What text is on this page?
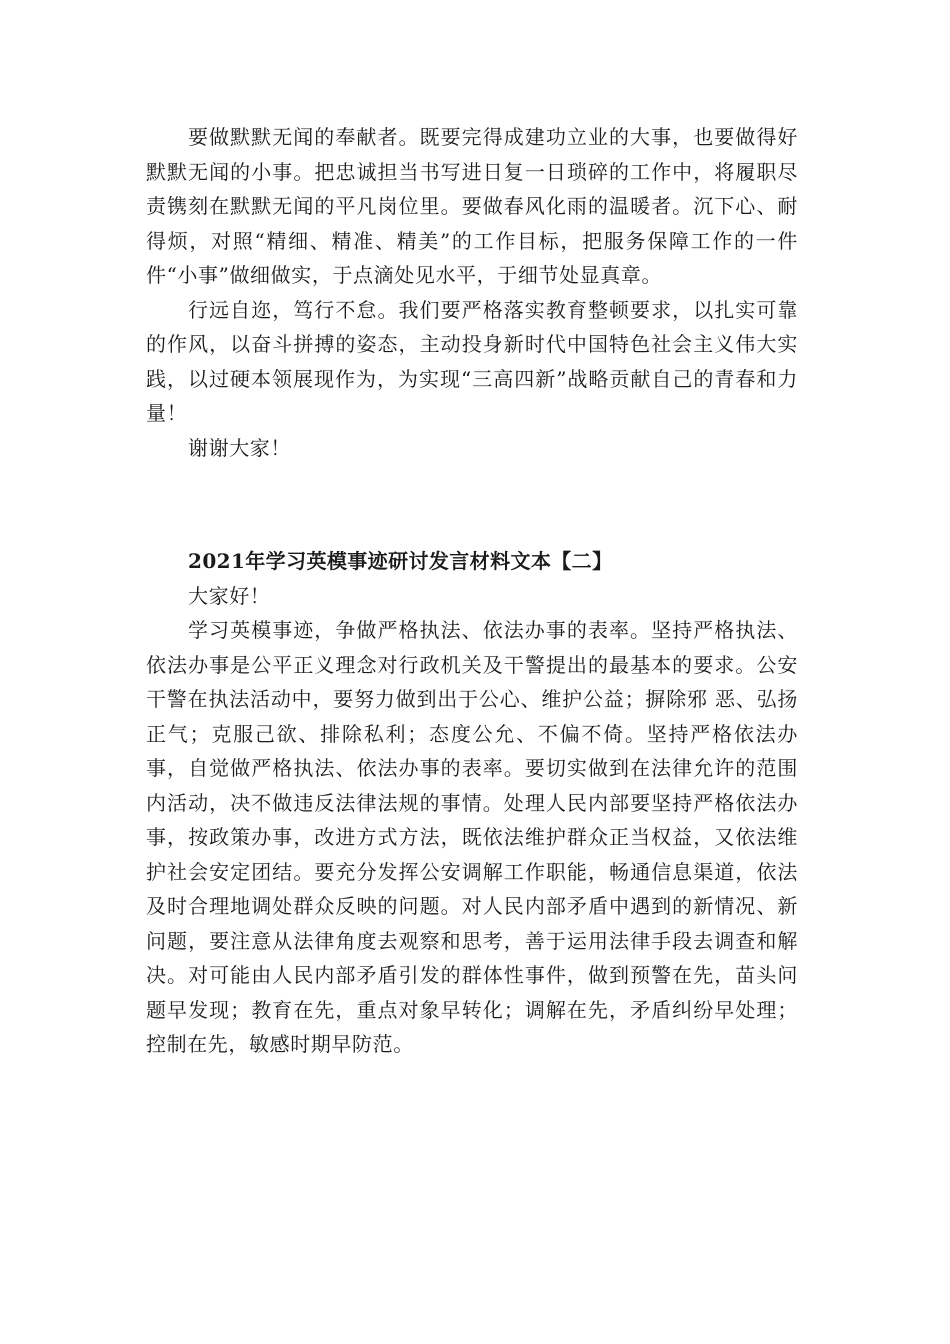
要做默默无闻的奉献者。既要完得成建功立业的大事，也要做得好默默无闻的小事。把忠诚担当书写进日复一日琐碎的工作中，将履职尽责镌刻在默默无闻的平凡岗位里。要做春风化雨的温暖者。沉下心、耐得烦，对照“精细、精准、精美”的工作目标，把服务保障工作的一件件“小事”做细做实，于点滴处见水平，于细节处显真章。

行远自迩，笃行不怠。我们要严格落实教育整顿要求，以扎实可靠的作风，以奋斗拼搏的姿态，主动投身新时代中国特色社会主义伟大实践，以过硬本领展现作为，为实现“三高四新”战略贡献自己的青春和力量！

谢谢大家！

2021年学习英模事迹研讨发言材料文本【二】

大家好！

学习英模事迹，争做严格执法、依法办事的表率。坚持严格执法、依法办事是公平正义理念对行政机关及干警提出的最基本的要求。公安干警在执法活动中，要努力做到出于公心、维护公益；摒除邪 恶、弘扬正气；克服己欲、排除私利；态度公允、不偏不倚。坚持严格依法办事，自觉做严格执法、依法办事的表率。要切实做到在法律允许的范围内活动，决不做违反法律法规的事情。处理人民内部要坚持严格依法办事，按政策办事，改进方式方法，既依法维护群众正当权益，又依法维护社会安定团结。要充分发挥公安调解工作职能，畅通信息渠道，依法及时合理地调处群众反映的问题。对人民内部矛盾中遇到的新情况、新问题，要注意从法律角度去观察和思考，善于运用法律手段去调查和解决。对可能由人民内部矛盾引发的群体性事件，做到预警在先，苗头问题早发现；教育在先，重点对象早转化；调解在先，矛盾纠纷早处理；控制在先，敏感时期早防范。
